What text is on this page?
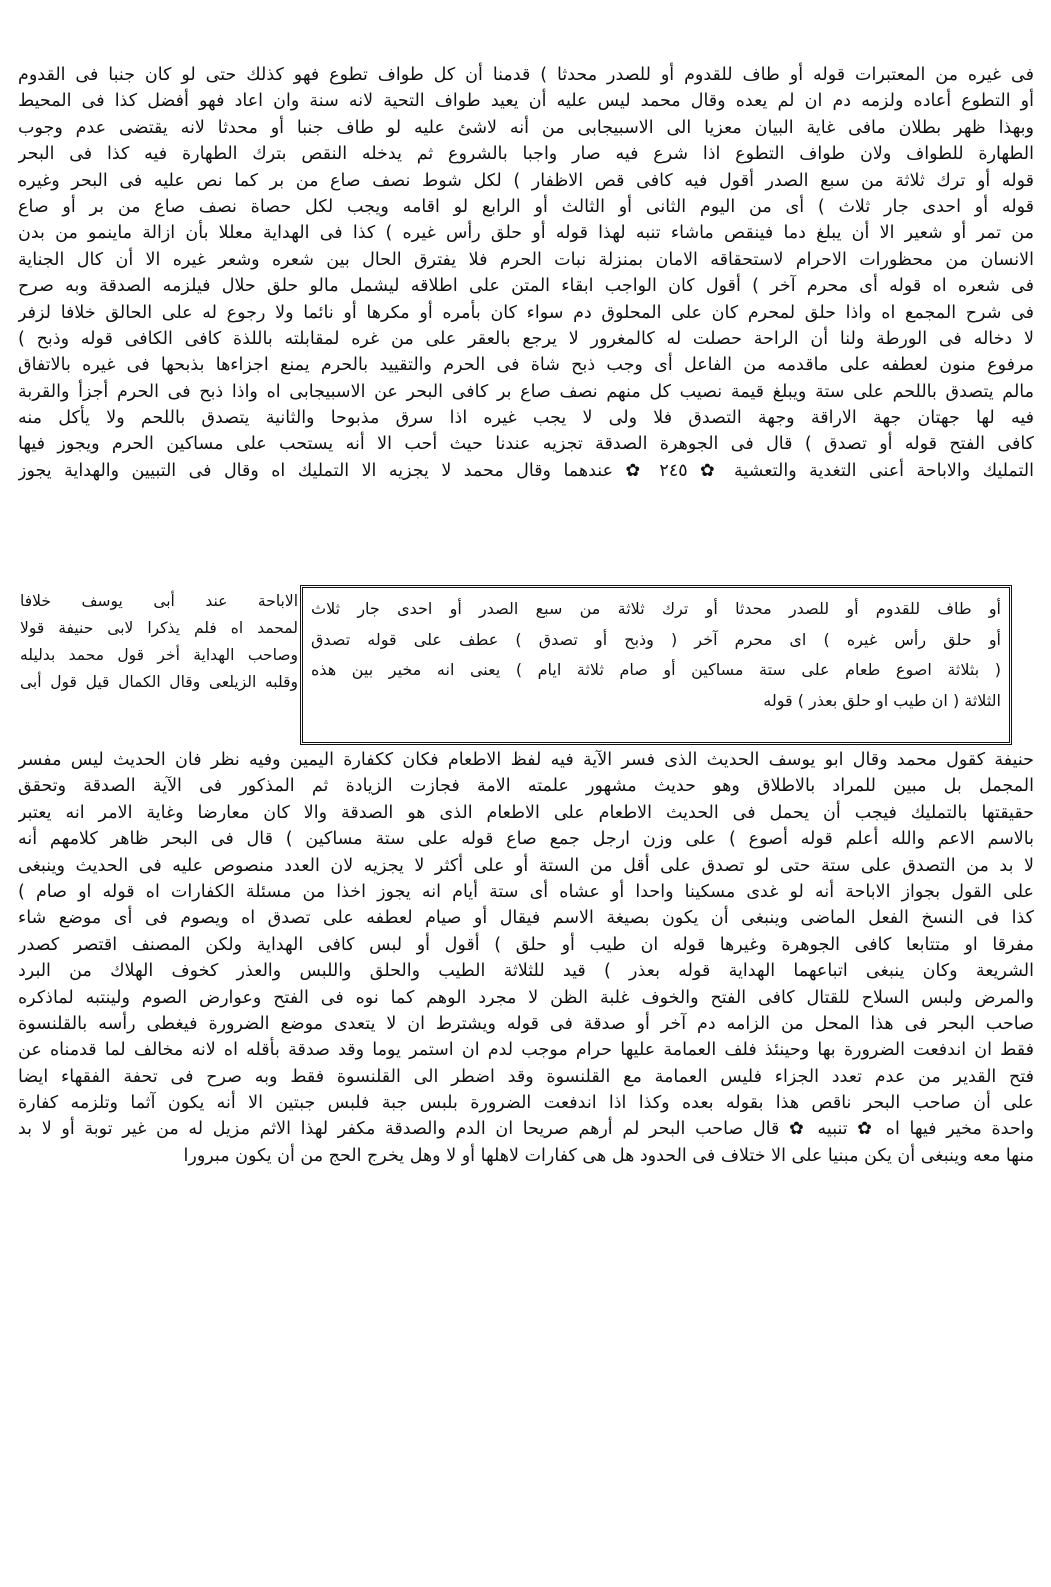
فى غيره من المعتبرات قوله أو طاف للقدوم أو للصدر محدثا ) قدمنا أن كل طواف تطوع فهو كذلك حتى لو كان جنبا فى القدوم
أو التطوع أعاده ولزمه دم ان لم يعده وقال محمد ليس عليه أن يعيد طواف التحية لانه سنة وان اعاد فهو أفضل كذا فى المحيط
وبهذا ظهر بطلان مافى غاية البيان معزيا الى الاسبيجابى من أنه لاشئ عليه لو طاف جنبا أو محدثا لانه يقتضى عدم وجوب
الطهارة للطواف ولان طواف التطوع اذا شرع فيه صار واجبا بالشروع ثم يدخله النقص بترك الطهارة فيه كذا فى البحر
قوله أو ترك ثلاثة من سبع الصدر أقول فيه كافى قص الاظفار ) لكل شوط نصف صاع من بر كما نص عليه فى البحر وغيره
قوله أو احدى جار ثلاث ) أى من اليوم الثانى أو الثالث أو الرابع لو اقامه ويجب لكل حصاة نصف صاع من بر أو صاع
من تمر أو شعير الا أن يبلغ دما فينقص ماشاء تنبه لهذا قوله أو حلق رأس غيره ) كذا فى الهداية معللا بأن ازالة ماينمو من بدن
الانسان من محظورات الاحرام لاستحقاقه الامان بمنزلة نبات الحرم فلا يفترق الحال بين شعره وشعر غيره الا أن كال الجناية
فى شعره اه قوله أى محرم آخر ) أقول كان الواجب ابقاء المتن على اطلاقه ليشمل مالو حلق حلال فيلزمه الصدقة وبه صرح
فى شرح المجمع اه واذا حلق لمحرم كان على المحلوق دم سواء كان بأمره أو مكرها أو نائما ولا رجوع له على الحالق خلافا لزفر
لا دخاله فى الورطة ولنا أن الراحة حصلت له كالمغرور لا يرجع بالعقر على من غره لمقابلته باللذة كافى الكافى قوله وذبح )
مرفوع منون لعطفه على ماقدمه من الفاعل أى وجب ذبح شاة فى الحرم والتقييد بالحرم يمنع اجزاءها بذبحها فى غيره بالاتفاق
مالم يتصدق باللحم على ستة ويبلغ قيمة نصيب كل منهم نصف صاع بر كافى البحر عن الاسبيجابى اه واذا ذبح فى الحرم أجزأ والقربة
فيه لها جهتان جهة الاراقة وجهة التصدق فلا ولى لا يجب غيره اذا سرق مذبوحا والثانية يتصدق باللحم ولا يأكل منه
كافى الفتح قوله أو تصدق ) قال فى الجوهرة الصدقة تجزيه عندنا حيث أحب الا أنه يستحب على مساكين الحرم ويجوز فيها
التمليك والاباحة أعنى التغدية والتعشية ✿ ٢٤٥ ✿ عندهما وقال محمد لا يجزيه الا التمليك اه وقال فى التبيين والهداية يجوز
الاباحة عند أبى يوسف خلافا
لمحمد اه فلم يذكرا لابى حنيفة قولا
وصاحب الهداية أخر قول محمد بدليله
وقلبه الزيلعى وقال الكمال قيل قول أبى
أو طاف للقدوم أو للصدر محدثا أو ترك ثلاثة من سبع الصدر أو احدى جار ثلاث
أو حلق رأس غيره ) اى محرم آخر ( وذبح أو تصدق ) عطف على قوله تصدق
( بثلاثة اصوع طعام على ستة مساكين أو صام ثلاثة ايام ) يعنى انه مخير بين هذه
الثلاثة ( ان طيب او حلق بعذر ) قوله
حنيفة كقول محمد وقال ابو يوسف الحديث الذى فسر الآية فيه لفظ الاطعام فكان ككفارة اليمين وفيه نظر فان الحديث ليس مفسر
المجمل بل مبين للمراد بالاطلاق وهو حديث مشهور علمته الامة فجازت الزيادة ثم المذكور فى الآية الصدقة وتحقق
حقيقتها بالتمليك فيجب أن يحمل فى الحديث الاطعام على الاطعام الذى هو الصدقة والا كان معارضا وغاية الامر انه يعتبر
بالاسم الاعم والله أعلم قوله أصوع ) على وزن ارجل جمع صاع قوله على ستة مساكين ) قال فى البحر ظاهر كلامهم أنه
لا بد من التصدق على ستة حتى لو تصدق على أقل من الستة أو على أكثر لا يجزيه لان العدد منصوص عليه فى الحديث وينبغى
على القول بجواز الاباحة أنه لو غدى مسكينا واحدا أو عشاه أى ستة أيام انه يجوز اخذا من مسئلة الكفارات اه قوله او صام )
كذا فى النسخ الفعل الماضى وينبغى أن يكون بصيغة الاسم فيقال أو صيام لعطفه على تصدق اه ويصوم فى أى موضع شاء
مفرقا او متتابعا كافى الجوهرة وغيرها قوله ان طيب أو حلق ) أقول أو لبس كافى الهداية ولكن المصنف اقتصر كصدر
الشريعة وكان ينبغى اتباعهما الهداية قوله بعذر ) قيد للثلاثة الطيب والحلق واللبس والعذر كخوف الهلاك من البرد
والمرض ولبس السلاح للقتال كافى الفتح والخوف غلبة الظن لا مجرد الوهم كما نوه فى الفتح وعوارض الصوم ولينتبه لماذكره
صاحب البحر فى هذا المحل من الزامه دم آخر أو صدقة فى قوله ويشترط ان لا يتعدى موضع الضرورة فيغطى رأسه بالقلنسوة
فقط ان اندفعت الضرورة بها وحينئذ فلف العمامة عليها حرام موجب لدم ان استمر يوما وقد صدقة بأقله اه لانه مخالف لما قدمناه عن
فتح القدير من عدم تعدد الجزاء فليس العمامة مع القلنسوة وقد اضطر الى القلنسوة فقط وبه صرح فى تحفة الفقهاء ايضا
على أن صاحب البحر ناقص هذا بقوله بعده وكذا اذا اندفعت الضرورة بلبس جبة فلبس جبتين الا أنه يكون آثما وتلزمه كفارة
واحدة مخير فيها اه ✿ تنبيه ✿ قال صاحب البحر لم أرهم صريحا ان الدم والصدقة مكفر لهذا الاثم مزيل له من غير توبة أو لا بد
منها معه وينبغى أن يكن مبنيا على الا ختلاف فى الحدود هل هى كفارات لاهلها أو لا وهل يخرج الحج من أن يكون مبرورا
